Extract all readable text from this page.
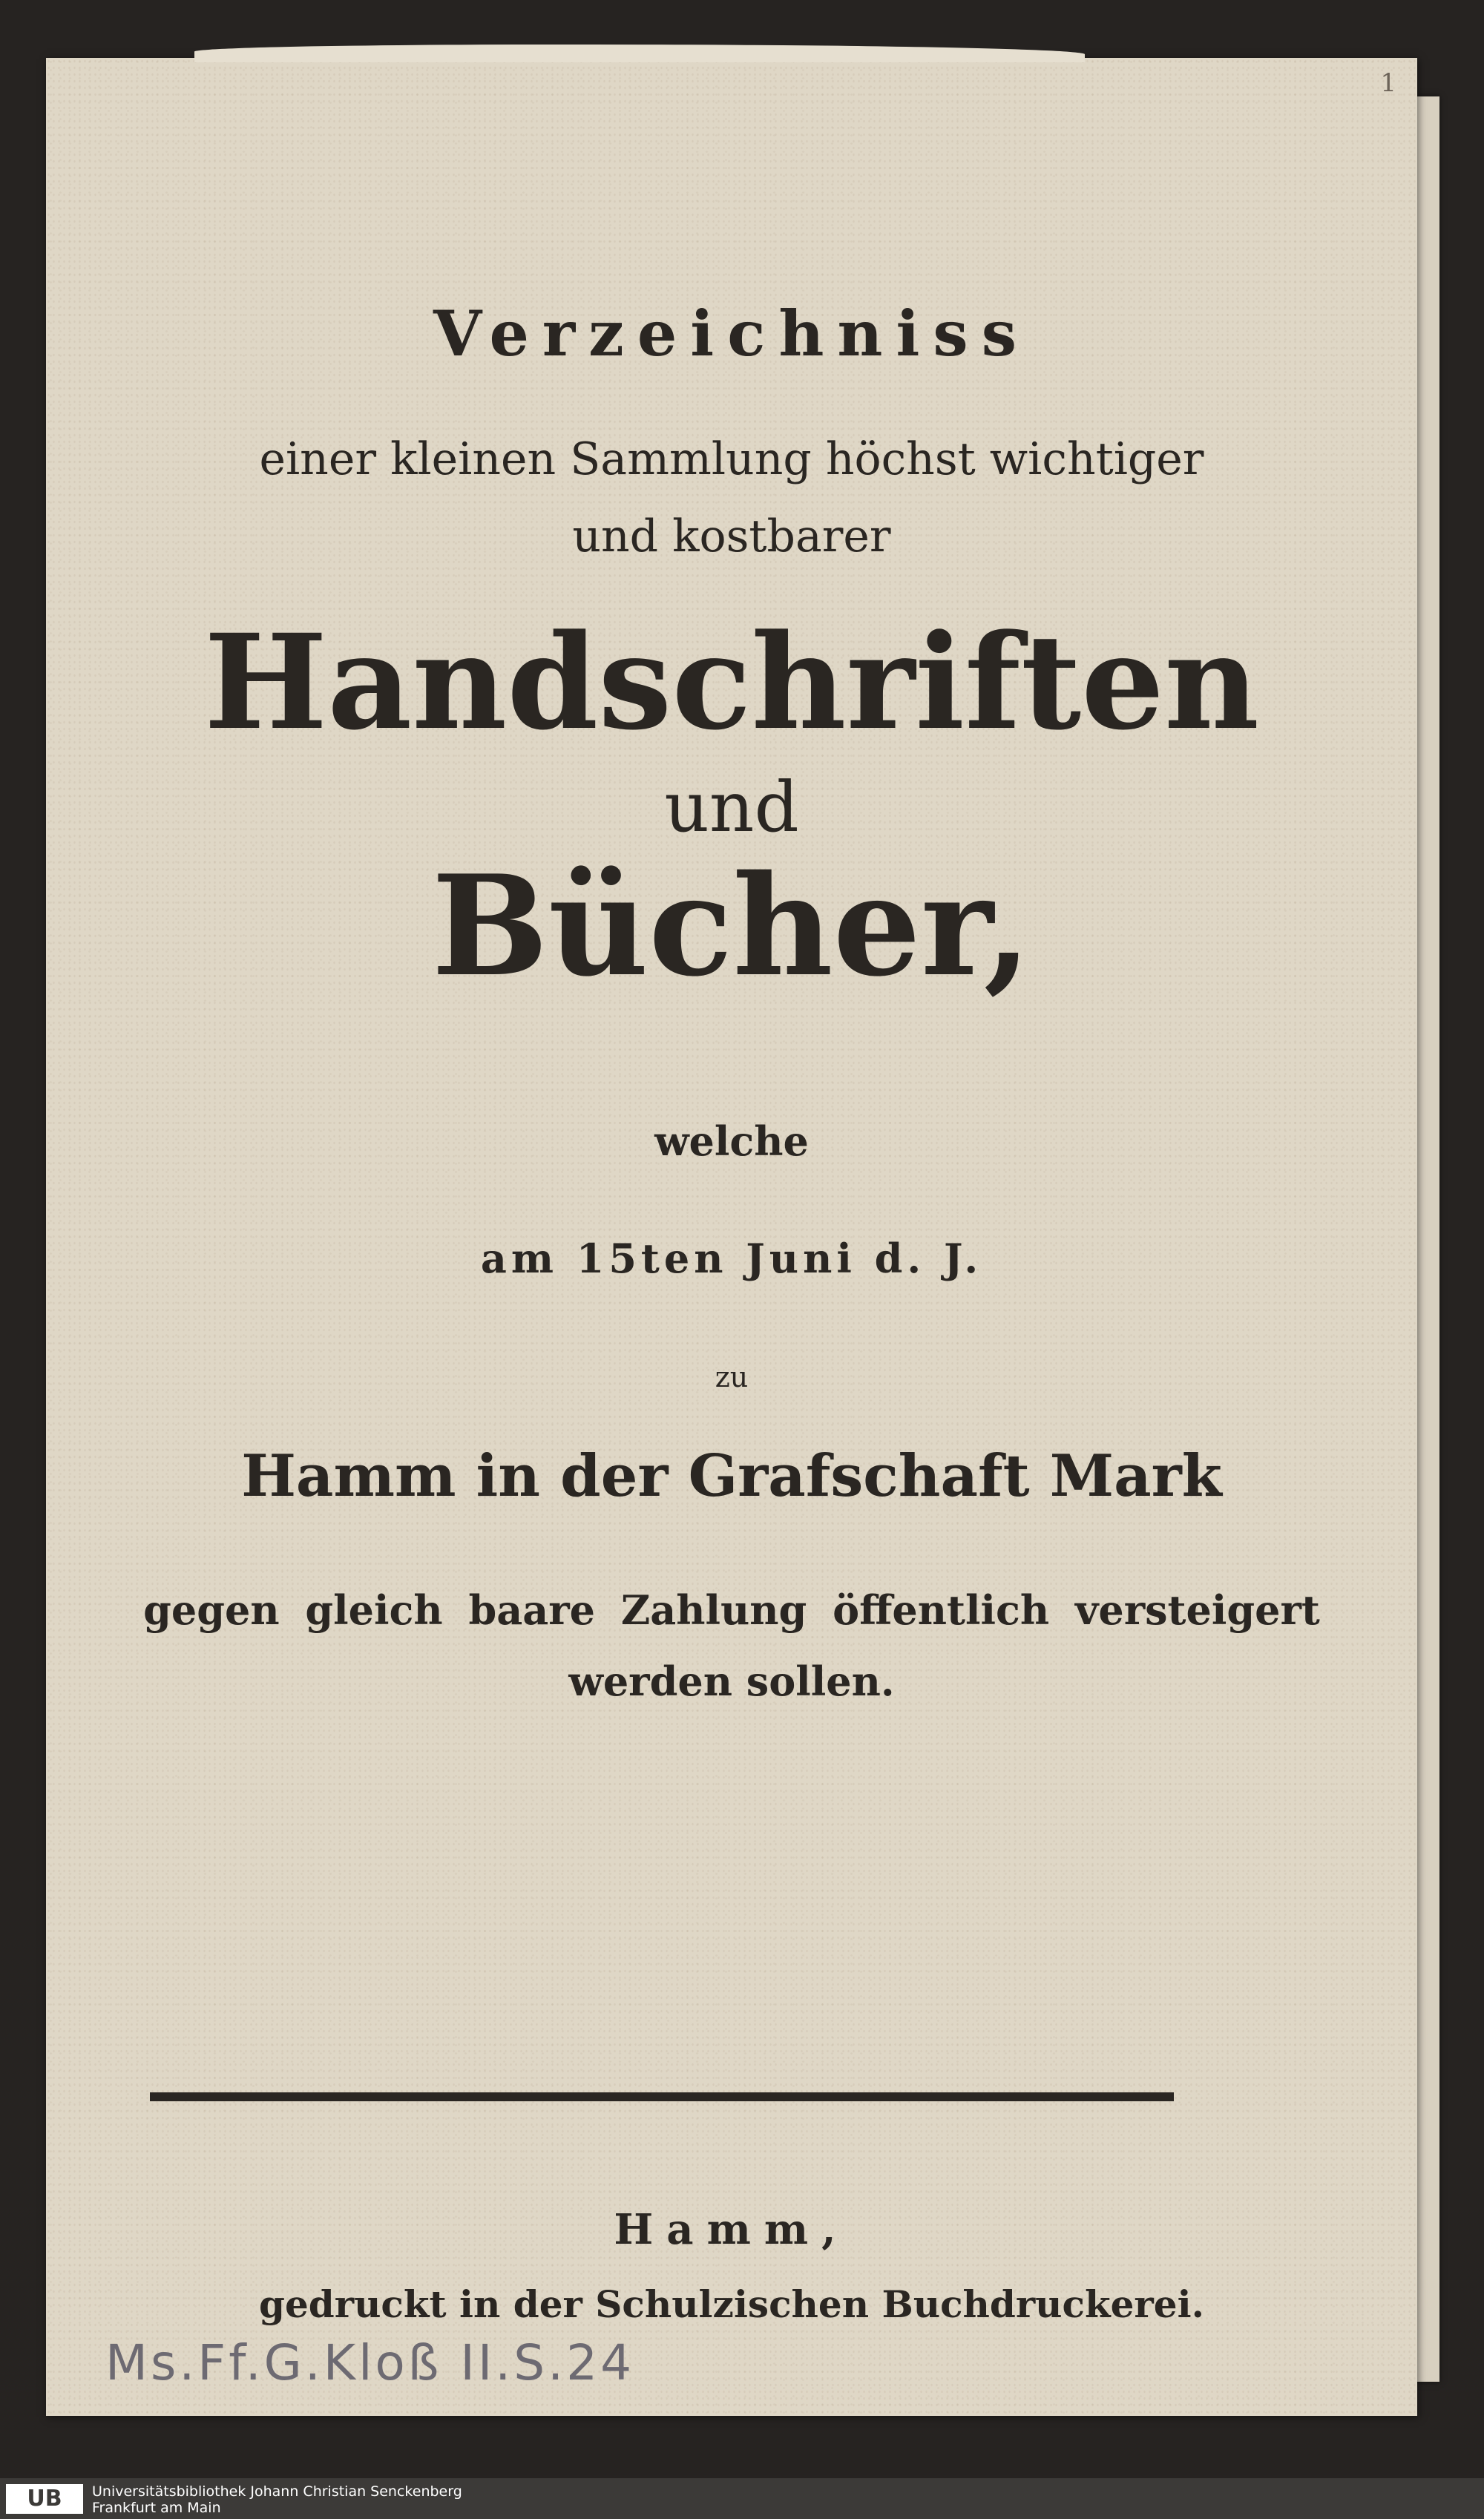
1
Verzeichniss
einer kleinen Sammlung höchst wichtiger
und kostbarer
Handschriften
und
Bücher,
welche
am 15ten Juni d. J.
zu
Hamm in der Grafschaft Mark
gegen gleich baare Zahlung öffentlich versteigert
werden sollen.
Hamm,
gedruckt in der Schulzischen Buchdruckerei.
Ms.Ff.G.Kloß II.S.24
UB	Universitätsbibliothek Johann Christian Senckenberg
Frankfurt am Main
